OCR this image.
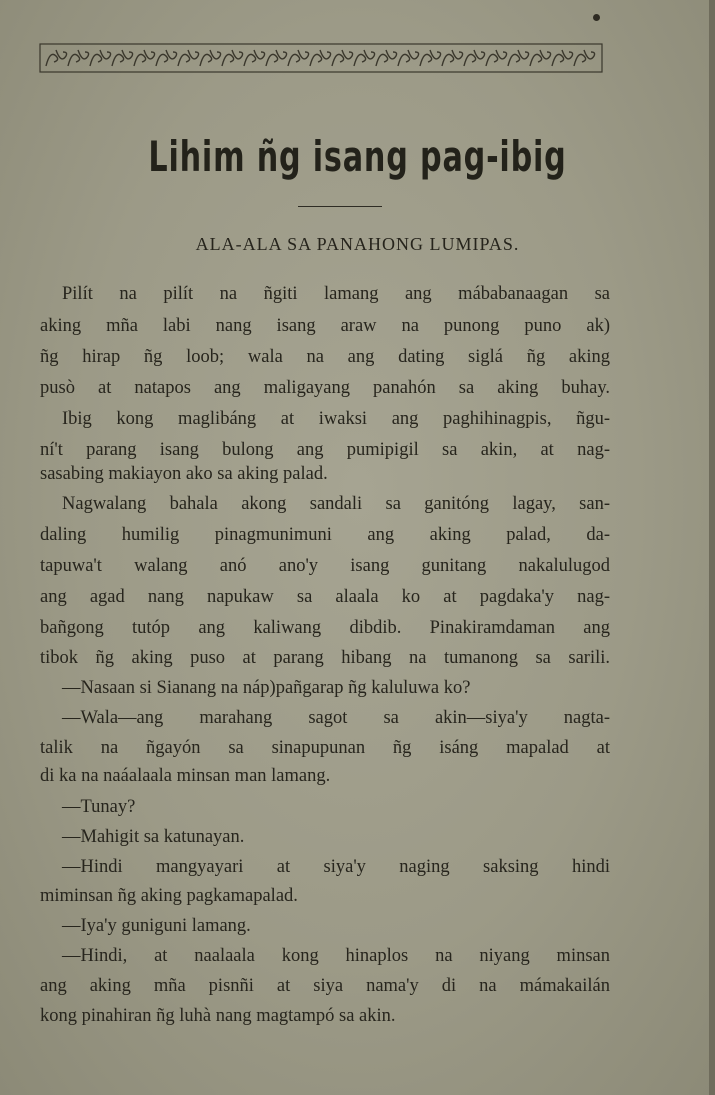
Lihim ñg isang pag-ibig
ALA-ALA SA PANAHONG LUMIPAS.
Pilít na pilít na ñgiti lamang ang mábabanaagan sa
aking mña labi nang isang araw na punong puno ak)
ñg hirap ñg loob; wala na ang dating siglá ñg aking
pusò at natapos ang maligayang panahón sa aking buhay.
Ibig kong maglibáng at iwaksi ang paghihinagpis, ñgu-
ní't parang isang bulong ang pumipigil sa akin, at nag-
sasabing makiayon ako sa aking palad.
Nagwalang bahala akong sandali sa ganitóng lagay, san-
daling humilig pinagmunimuni ang aking palad, da-
tapuwa't walang anó ano'y isang gunitang nakalulugod
ang agad nang napukaw sa alaala ko at pagdaka'y nag-
bañgong tutóp ang kaliwang dibdib. Pinakiramdaman ang
tibok ñg aking puso at parang hibang na tumanong sa sarili.
—Nasaan si Sianang na náp)pañgarap ñg kaluluwa ko?
—Wala—ang marahang sagot sa akin—siya'y nagta-
talik na ñgayón sa sinapupunan ñg isáng mapalad at
di ka na naáalaala minsan man lamang.
—Tunay?
—Mahigit sa katunayan.
—Hindi mangyayari at siya'y naging saksing hindi
miminsan ñg aking pagkamapalad.
—Iya'y guniguni lamang.
—Hindi, at naalaala kong hinaplos na niyang minsan
ang aking mña pisnñi at siya nama'y di na mámakailán
kong pinahiran ñg luhà nang magtampó sa akin.
